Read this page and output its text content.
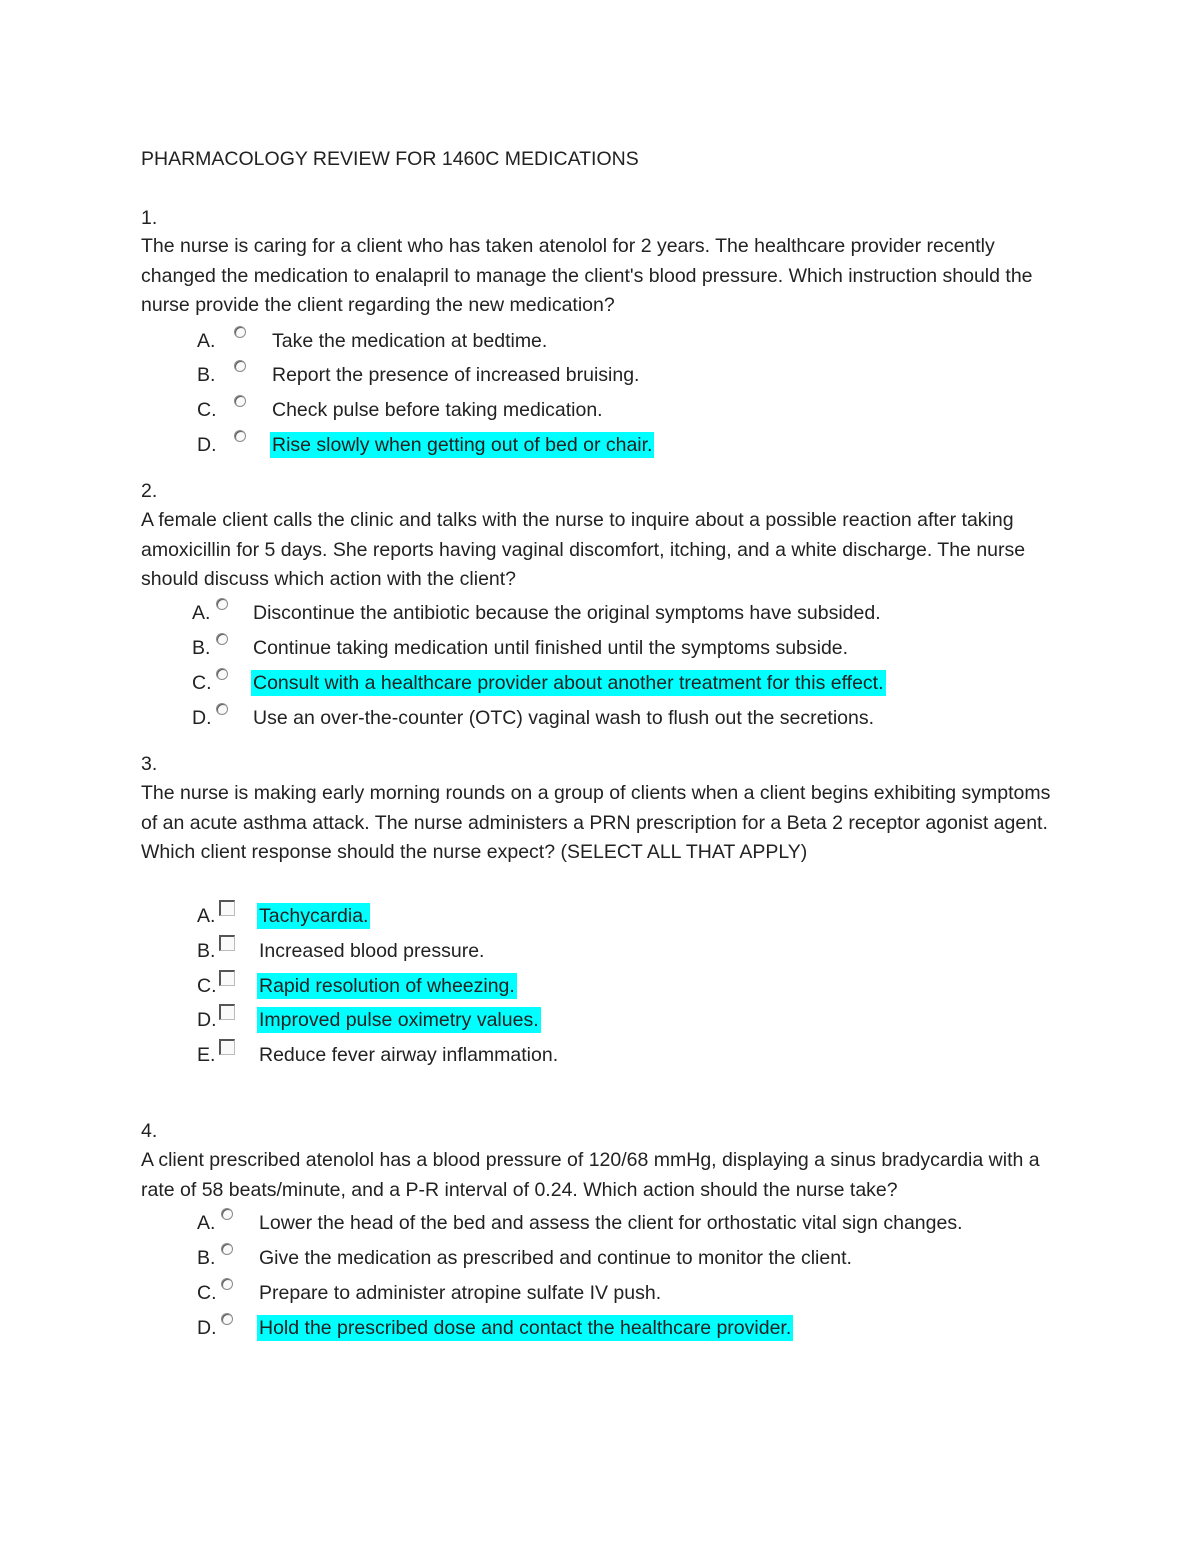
PHARMACOLOGY REVIEW FOR 1460C MEDICATIONS
1.
The nurse is caring for a client who has taken atenolol for 2 years. The healthcare provider recently changed the medication to enalapril to manage the client's blood pressure. Which instruction should the nurse provide the client regarding the new medication?
A.	Take the medication at bedtime.
B.	Report the presence of increased bruising.
C.	Check pulse before taking medication.
D.	Rise slowly when getting out of bed or chair.
2.
A female client calls the clinic and talks with the nurse to inquire about a possible reaction after taking amoxicillin for 5 days. She reports having vaginal discomfort, itching, and a white discharge. The nurse should discuss which action with the client?
A. Discontinue the antibiotic because the original symptoms have subsided.
B. Continue taking medication until finished until the symptoms subside.
C. Consult with a healthcare provider about another treatment for this effect.
D. Use an over-the-counter (OTC) vaginal wash to flush out the secretions.
3.
The nurse is making early morning rounds on a group of clients when a client begins exhibiting symptoms of an acute asthma attack. The nurse administers a PRN prescription for a Beta 2 receptor agonist agent. Which client response should the nurse expect? (SELECT ALL THAT APPLY)
A. Tachycardia.
B. Increased blood pressure.
C. Rapid resolution of wheezing.
D. Improved pulse oximetry values.
E. Reduce fever airway inflammation.
4.
A client prescribed atenolol has a blood pressure of 120/68 mmHg, displaying a sinus bradycardia with a rate of 58 beats/minute, and a P-R interval of 0.24. Which action should the nurse take?
A. Lower the head of the bed and assess the client for orthostatic vital sign changes.
B. Give the medication as prescribed and continue to monitor the client.
C. Prepare to administer atropine sulfate IV push.
D. Hold the prescribed dose and contact the healthcare provider.
